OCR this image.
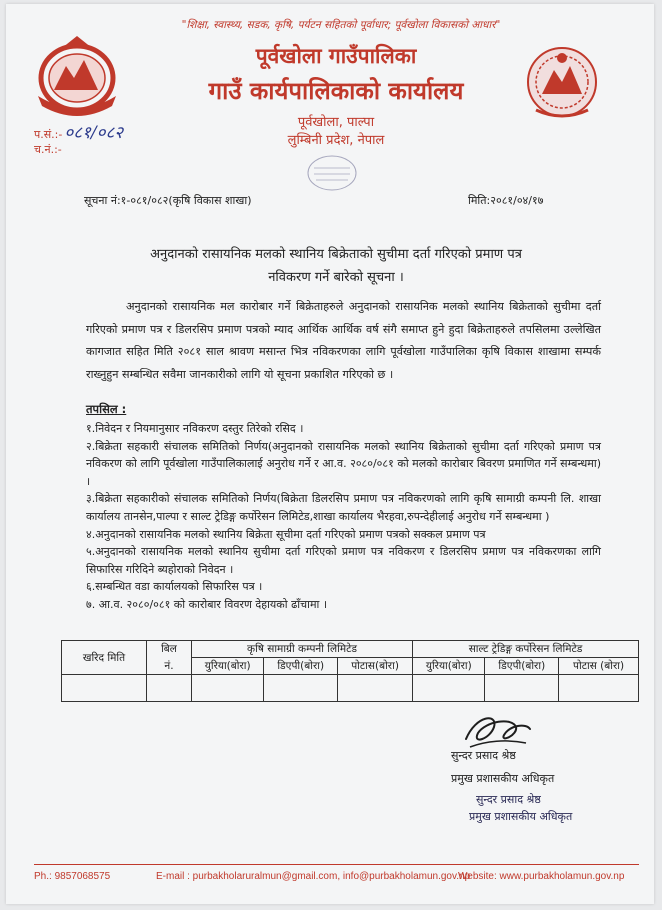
"शिक्षा, स्वास्थ्य, सडक, कृषि, पर्यटन सहितको पूर्वाधार; पूर्वखोला विकासको आधार"
पूर्वखोला गाउँपालिका
गाउँ कार्यपालिकाको कार्यालय
पूर्वखोला, पाल्पा
लुम्बिनी प्रदेश, नेपाल
प.सं.:- ०८१/०८२
च.नं.:-
सूचना नं:१-०८१/०८२(कृषि विकास शाखा)	मिति:२०८१/०४/१७
अनुदानको रासायनिक मलको स्थानिय बिक्रेताको सुचीमा दर्ता गरिएको प्रमाण पत्र
नविकरण गर्ने बारेको सूचना ।

अनुदानको रासायनिक मल कारोबार गर्ने बिक्रेताहरुले अनुदानको रासायनिक मलको स्थानिय बिक्रेताको सुचीमा दर्ता गरिएको प्रमाण पत्र र डिलरसिप प्रमाण पत्रको म्याद आर्थिक आर्थिक वर्ष संगै समाप्त हुने हुदा बिक्रेताहरुले तपसिलमा उल्लेखित कागजात सहित मिति २०८१ साल श्रावण मसान्त भित्र नविकरणका लागि पूर्वखोला गाउँपालिका कृषि विकास शाखामा सम्पर्क राख्नुहुन सम्बन्धित सवैमा जानकारीको लागि यो सूचना प्रकाशित गरिएको छ ।

तपसिल :
१.निवेदन र नियमानुसार नविकरण दस्तुर तिरेको रसिद ।
२.बिक्रेता सहकारी संचालक समितिको निर्णय(अनुदानको रासायनिक मलको स्थानिय बिक्रेताको सुचीमा दर्ता गरिएको प्रमाण पत्र नविकरण को लागि पूर्वखोला गाउँपालिकालाई अनुरोध गर्ने र आ.व. २०८०/०८१ को मलको कारोबार बिवरण प्रमाणित गर्ने सम्बन्धमा) ।
३.बिक्रेता सहकारीको संचालक समितिको निर्णय(बिक्रेता डिलरसिप प्रमाण पत्र नविकरणको लागि कृषि सामाग्री कम्पनी लि. शाखा कार्यालय तानसेन,पाल्पा र साल्ट ट्रेडिङ्ग कर्पोरेसन लिमिटेड,शाखा कार्यालय भैरहवा,रुपन्देहीलाई अनुरोध गर्ने सम्बन्धमा )
४.अनुदानको रासायनिक मलको स्थानिय बिक्रेता सूचीमा दर्ता गरिएको प्रमाण पत्रको सक्कल प्रमाण पत्र
५.अनुदानको रासायनिक मलको स्थानिय सुचीमा दर्ता गरिएको प्रमाण पत्र नविकरण र डिलरसिप प्रमाण पत्र नविकरणका लागि सिफारिस गरिदिने ब्यहोराको निवेदन ।
६.सम्बन्धित वडा कार्यालयको सिफारिस पत्र ।
७. आ.व. २०८०/०८१ को कारोबार विवरण देहायको ढाँचामा ।
खरिद मिति	बिल	कृषि सामाग्री कम्पनी लिमिटेड			साल्ट ट्रेडिङ्ग कर्पोरेसन लिमिटेड		
	नं.	युरिया(बोरा)	डिएपी(बोरा)	पोटास(बोरा)	युरिया(बोरा)	डिएपी(बोरा)	पोटास (बोरा)

सुन्दर प्रसाद श्रेष्ठ
प्रमुख प्रशासकीय अधिकृत
सुन्दर प्रसाद श्रेष्ठ
प्रमुख प्रशासकीय अधिकृत
Ph.: 9857068575	E-mail : purbakholaruralmun@gmail.com, info@purbakholamun.gov.np
Website: www.purbakholamun.gov.np
